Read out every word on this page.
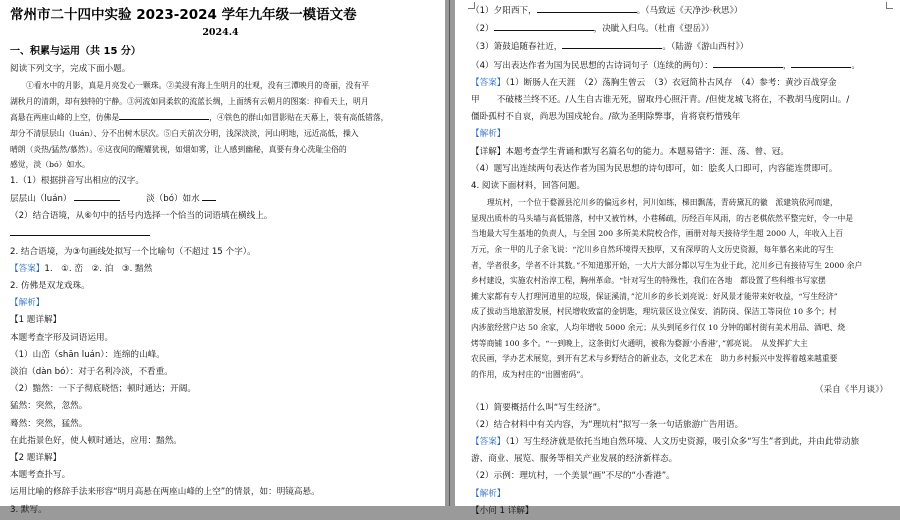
常州市二十四中实验 2023-2024 学年九年级一模语文卷
2024.4
一、积累与运用（共 15 分）
阅读下列文字，完成下面小题。
①看水中的月影，真是月亮发心一颗珠。②美浸有海上生明月的壮观，没有三潭映月的奇丽，没有平
湖秋月的清朗，却有独特的宁静。③河流如同柔软的流蓝长绸，上面绣有云朝月的图案：抑看天上，明月
高悬在两座山峰的上空，仿佛是	，④铁色的群山如冒影贴在天幕上，装有高低错落，
却分不清层层山（luán）、分不出树木层次。⑤白天前次分明，浅深淡淡，河山明地，远近高低，操入
晴朗（炎热/猛然/慕然）。⑥这夜间的醒耀犹视，如烟如雾，让人感到幽秘，真要有身心洗耻尘俗的
感觉，淡（bó）如水。
1.（1）根据拼音写出相应的汉字。
层层山（luán） 　　　	淡（bó）如水
（2）结合语境，从⑥句中的括号内选择一个恰当的词语填在横线上。
2. 结合语境，为③句画线处拟写一个比喻句（不超过 15 个字）。
【答案】1.　①. 峦　②. 泊　③. 黯然
2. 仿佛是双龙戏珠。
【解析】
【1 题详解】
本题考查字形及词语运用。
（1）山峦（shān luán）：连绵的山峰。
淡泊（dàn bó）：对于名利冷淡，不看重。
（2）黯然：一下子彻底晓悟；顿时通达；开阔。
猛然：突然，忽然。
蓦然：突然，猛然。
在此指景色好，使人顿时通达，应用：黯然。
【2 题详解】
本题考查扑写。
运用比喻的修辞手法来形容“明月高悬在两座山峰的上空”的情景，如：明镜高悬。
3. 默写。
（1）夕阳西下，	。（马致远《天净沙·秋思》）
（2）	，决眦入归鸟。（杜甫《望岳》）
（3）箫鼓追随春社近，	。（陆游《游山西村》）
（4）写出表达作者为国为民思想的古诗词句子（连续的两句）：	，	。
【答案】（1）断肠人在天涯　（2）荡胸生曾云　（3）衣冠简朴古风存　（4）参考：黄沙百战穿金
甲　　不破楼兰终不还。/人生自古谁无死，留取丹心照汗青。/但使龙城飞将在，不教胡马度阴山。/
僵卧孤村不自哀，尚思为国戍轮台。/欲为圣明除弊事，肯将衰朽惜残年
【解析】
【详解】本题考查学生背诵和默写名篇名句的能力。本题易错字：涯、荡、曾、冠。
（4）题写出连续两句表达作者为国为民思想的诗句即可，如：脍炙人口即可，内容能连贯即可。
4. 阅读下面材料，回答问题。
理坑村，一个位于婺源县沱川乡的偏远乡村，河川如练，梯田飘荡，青砖黛瓦的徽　派建筑依河而建，
显现出质朴的马头墙与高低错落，村中又被竹林，小巷稀疏，历经百年风雨，的古老棋依然平整完好，令一中是
当地最大写生基地的负责人，与全国 200 多所美术院校合作，画册对每天接待学生超 2000 人，年收入上百
万元，余一甲的儿子余飞说：“沱川乡自然环境得天独厚，又有深厚的人文历史资源，每年慕名来此的写生
者，学者很多，学者不计其数。”不知道那开始，一大片大部分都以写生为业于此，沱川乡已有接待写生 2000 余户
乡村建设，实施农村治淳工程，胸州革命。“针对写生的特殊性，我们在各地　都设置了些科维书写家摆
摊大家都有专人打理河道里的垃圾，保证溪清，”沱川乡的乡长刘亮说：好风景才能带来好收益，“写生经济”
成了拔动当地旅游发展，村民增收致富的金钥匙，理坑景区设立保安、消防岗、保洁工等岗位 10 多个；村
内涉旅经营户达 50 余家，人均年增收 5000 余元；从头到尾乡行仅 10 分钟的邮村街有美术用品、酒吧、烧
烤等商铺 100 多个。“一到晚上，这条街灯火通明，被称为婺源‘小香港’，”郭亮说。　从发挥扩大主
农民画，学办艺术展览，到开有艺术与乡野结合的新业态，文化艺术在　助力乡村振兴中发挥着越来越重要
的作用，成为村庄的“出圈密码”。
（采自《半月谈》）
（1）简要概括什么叫“写生经济”。
（2）结合材料中有关内容，为“理坑村”拟写一条一句话旅游广告用语。
【答案】（1）写生经济就是依托当地自然环境、人文历史资源，吸引众多“写生”者到此，并由此带动旅
游、商业、展览、服务等相关产业发展的经济新样态。
（2）示例：理坑村，一个美景“画”不尽的“小香港”。
【解析】
【小问 1 详解】
